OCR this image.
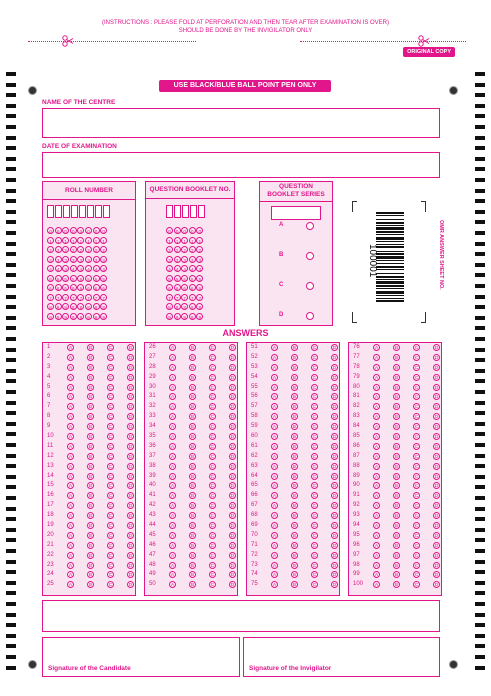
(INSTRUCTIONS : PLEASE FOLD AT PERFORATION AND THEN TEAR AFTER EXAMINATION IS OVER)
SHOULD BE DONE BY THE INVIGILATOR ONLY
ORIGINAL COPY
USE BLACK/BLUE BALL POINT PEN ONLY
NAME OF THE CENTRE
DATE OF EXAMINATION
ROLL NUMBER
0 0 0 0 0 0 0 0
1 1 1 1 1 1 1 1
2 2 2 2 2 2 2 2
3 3 3 3 3 3 3 3
4 4 4 4 4 4 4 4
5 5 5 5 5 5 5 5
6 6 6 6 6 6 6 6
7 7 7 7 7 7 7 7
8 8 8 8 8 8 8 8
9 9 9 9 9 9 9 9
QUESTION BOOKLET NO.
0 0 0 0 0
1 1 1 1 1
2 2 2 2 2
3 3 3 3 3
4 4 4 4 4
5 5 5 5 5
6 6 6 6 6
7 7 7 7 7
8 8 8 8 8
9 9 9 9 9
QUESTION
BOOKLET SERIES
A
B
C
D
100001	OMR ANSWER SHEET NO.
ANSWERS
1	A	B	C	D
2	A	B	C	D
3	A	B	C	D
4	A	B	C	D
5	A	B	C	D
6	A	B	C	D
7	A	B	C	D
8	A	B	C	D
9	A	B	C	D
10	A	B	C	D
11	A	B	C	D
12	A	B	C	D
13	A	B	C	D
14	A	B	C	D
15	A	B	C	D
16	A	B	C	D
17	A	B	C	D
18	A	B	C	D
19	A	B	C	D
20	A	B	C	D
21	A	B	C	D
22	A	B	C	D
23	A	B	C	D
24	A	B	C	D
25	A	B	C	D
26	A	B	C	D
27	A	B	C	D
28	A	B	C	D
29	A	B	C	D
30	A	B	C	D
31	A	B	C	D
32	A	B	C	D
33	A	B	C	D
34	A	B	C	D
35	A	B	C	D
36	A	B	C	D
37	A	B	C	D
38	A	B	C	D
39	A	B	C	D
40	A	B	C	D
41	A	B	C	D
42	A	B	C	D
43	A	B	C	D
44	A	B	C	D
45	A	B	C	D
46	A	B	C	D
47	A	B	C	D
48	A	B	C	D
49	A	B	C	D
50	A	B	C	D
51	A	B	C	D
52	A	B	C	D
53	A	B	C	D
54	A	B	C	D
55	A	B	C	D
56	A	B	C	D
57	A	B	C	D
58	A	B	C	D
59	A	B	C	D
60	A	B	C	D
61	A	B	C	D
62	A	B	C	D
63	A	B	C	D
64	A	B	C	D
65	A	B	C	D
66	A	B	C	D
67	A	B	C	D
68	A	B	C	D
69	A	B	C	D
70	A	B	C	D
71	A	B	C	D
72	A	B	C	D
73	A	B	C	D
74	A	B	C	D
75	A	B	C	D
76	A	B	C	D
77	A	B	C	D
78	A	B	C	D
79	A	B	C	D
80	A	B	C	D
81	A	B	C	D
82	A	B	C	D
83	A	B	C	D
84	A	B	C	D
85	A	B	C	D
86	A	B	C	D
87	A	B	C	D
88	A	B	C	D
89	A	B	C	D
90	A	B	C	D
91	A	B	C	D
92	A	B	C	D
93	A	B	C	D
94	A	B	C	D
95	A	B	C	D
96	A	B	C	D
97	A	B	C	D
98	A	B	C	D
99	A	B	C	D
100	A	B	C	D
Signature of the Candidate	Signature of the Invigilator
